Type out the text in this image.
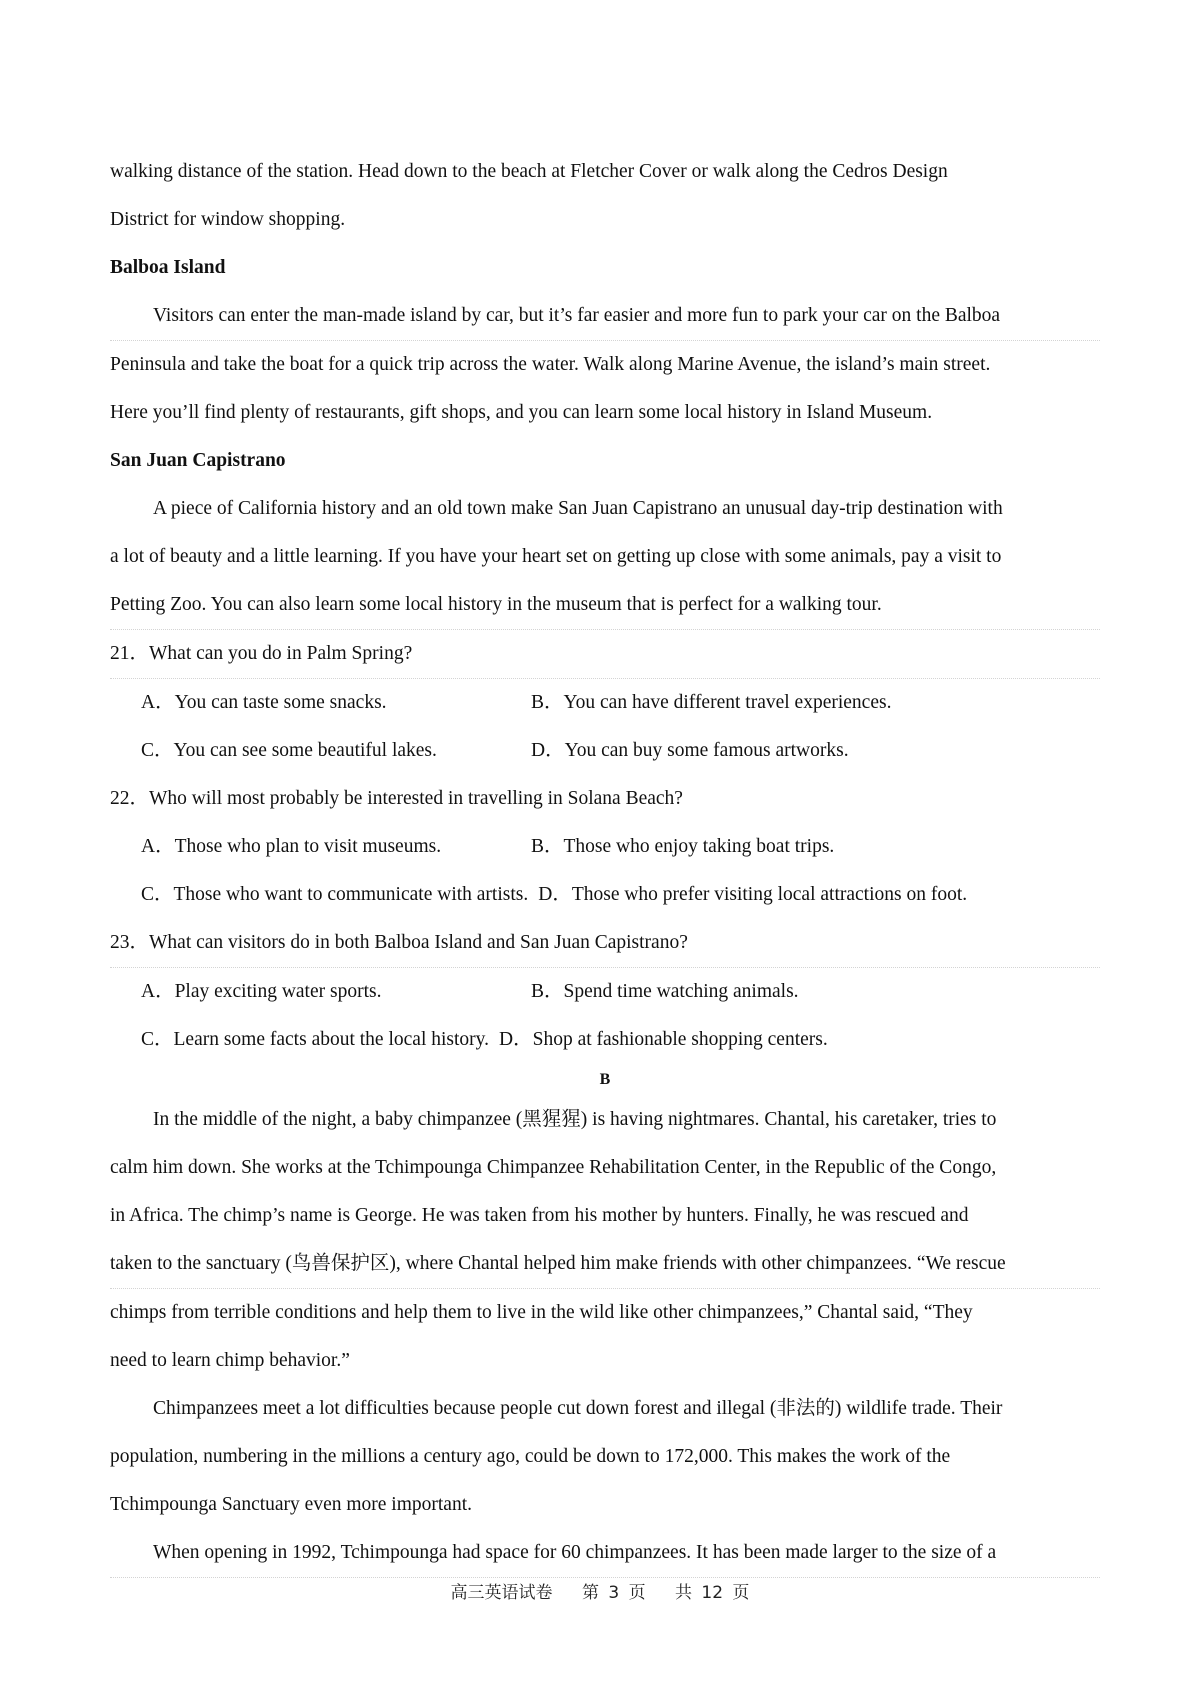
walking distance of the station. Head down to the beach at Fletcher Cover or walk along the Cedros Design
District for window shopping.
Balboa Island
Visitors can enter the man-made island by car, but it’s far easier and more fun to park your car on the Balboa
Peninsula and take the boat for a quick trip across the water. Walk along Marine Avenue, the island’s main street.
Here you’ll find plenty of restaurants, gift shops, and you can learn some local history in Island Museum.
San Juan Capistrano
A piece of California history and an old town make San Juan Capistrano an unusual day-trip destination with
a lot of beauty and a little learning. If you have your heart set on getting up close with some animals, pay a visit to
Petting Zoo. You can also learn some local history in the museum that is perfect for a walking tour.
21． What can you do in Palm Spring?
A．You can taste some snacks.	B．You can have different travel experiences.
C．You can see some beautiful lakes.	D．You can buy some famous artworks.
22． Who will most probably be interested in travelling in Solana Beach?
A．Those who plan to visit museums.	B．Those who enjoy taking boat trips.
C．Those who want to communicate with artists. D．Those who prefer visiting local attractions on foot.
23． What can visitors do in both Balboa Island and San Juan Capistrano?
A．Play exciting water sports.	B．Spend time watching animals.
C．Learn some facts about the local history. D．Shop at fashionable shopping centers.
B
In the middle of the night, a baby chimpanzee (黑猩猩) is having nightmares. Chantal, his caretaker, tries to
calm him down. She works at the Tchimpounga Chimpanzee Rehabilitation Center, in the Republic of the Congo,
in Africa. The chimp’s name is George. He was taken from his mother by hunters. Finally, he was rescued and
taken to the sanctuary (鸟兽保护区), where Chantal helped him make friends with other chimpanzees. “We rescue
chimps from terrible conditions and help them to live in the wild like other chimpanzees,” Chantal said, “They
need to learn chimp behavior.”
Chimpanzees meet a lot difficulties because people cut down forest and illegal (非法的) wildlife trade. Their
population, numbering in the millions a century ago, could be down to 172,000. This makes the work of the
Tchimpounga Sanctuary even more important.
When opening in 1992, Tchimpounga had space for 60 chimpanzees. It has been made larger to the size of a
高三英语试卷 第 3 页 共 12 页
